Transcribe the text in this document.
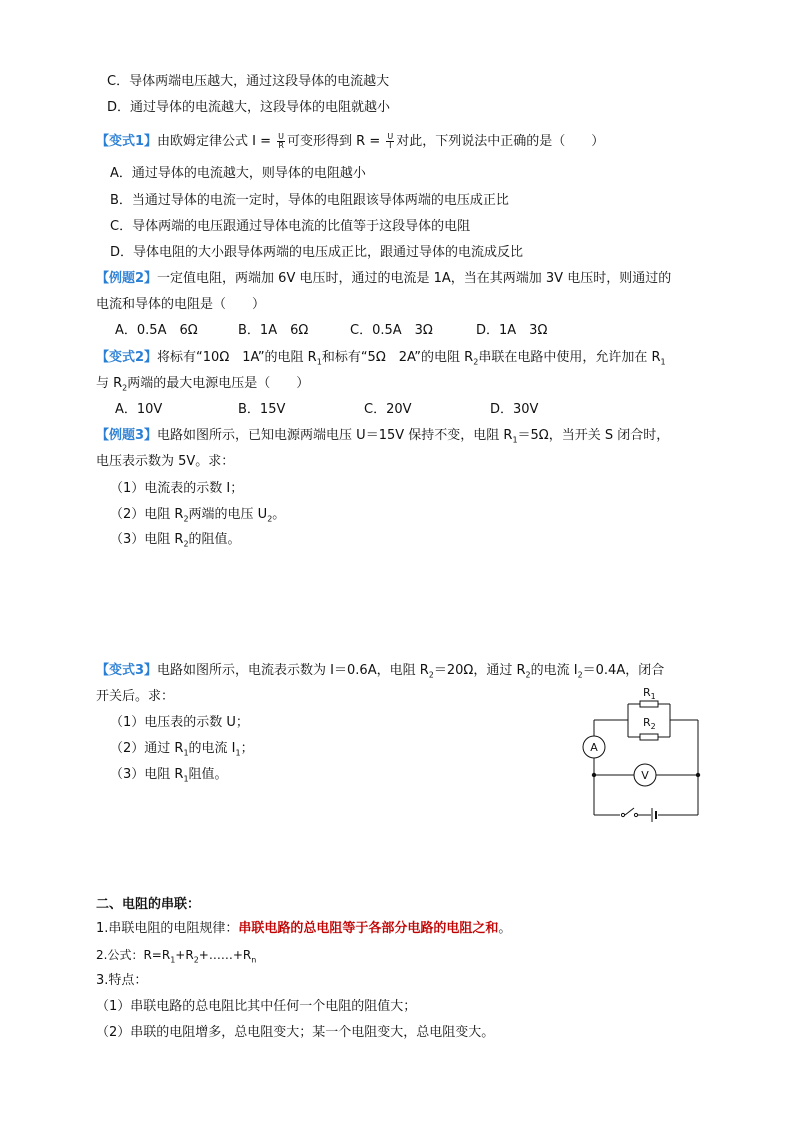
C．导体两端电压越大，通过这段导体的电流越大
D．通过导体的电流越大，这段导体的电阻就越小
【变式1】由欧姆定律公式 $I = \frac{U}{R}$ 可变形得到 $R = \frac{U}{I}$ 对此，下列说法中正确的是（　　）
A．通过导体的电流越大，则导体的电阻越小
B．当通过导体的电流一定时，导体的电阻跟该导体两端的电压成正比
C．导体两端的电压跟通过导体电流的比值等于这段导体的电阻
D．导体电阻的大小跟导体两端的电压成正比，跟通过导体的电流成反比
【例题2】一定值电阻，两端加 6V 电压时，通过的电流是 1A，当在其两端加 3V 电压时，则通过的
电流和导体的电阻是（　　）
A．0.5A　6Ω	B．1A　6Ω	C．0.5A　3Ω	D．1A　3Ω
【变式2】将标有“10Ω　1A”的电阻 $R_1$和标有“5Ω　2A”的电阻 $R_2$串联在电路中使用，允许加在 $R_1$
与 $R_2$两端的最大电源电压是（　　）
A．10V	B．15V	C．20V	D．30V
【例题3】电路如图所示，已知电源两端电压 U＝15V 保持不变，电阻 $R_1=5\Omega$，当开关 S 闭合时，
电压表示数为 5V。求：
（1）电流表的示数 I；
（2）电阻 $R_2$两端的电压 $U_2$。
（3）电阻 $R_2$的阻值。
【变式3】电路如图所示，电流表示数为 I＝0.6A，电阻 $R_2=20\Omega$，通过 $R_2$的电流 $I_2=0.4A$，闭合
开关后。求：
（1）电压表的示数 U；
（2）通过 $R_1$的电流 $I_1$；
（3）电阻 $R_1$阻值。
A
V
$R_1$
$R_2$
二、电阻的串联：
1.串联电阻的电阻规律：串联电路的总电阻等于各部分电路的电阻之和。
2.公式：$R=R_1+R_2+\dots\dots+R_n$
3.特点：
（1）串联电路的总电阻比其中任何一个电阻的阻值大；
（2）串联的电阻增多，总电阻变大；某一个电阻变大，总电阻变大。
